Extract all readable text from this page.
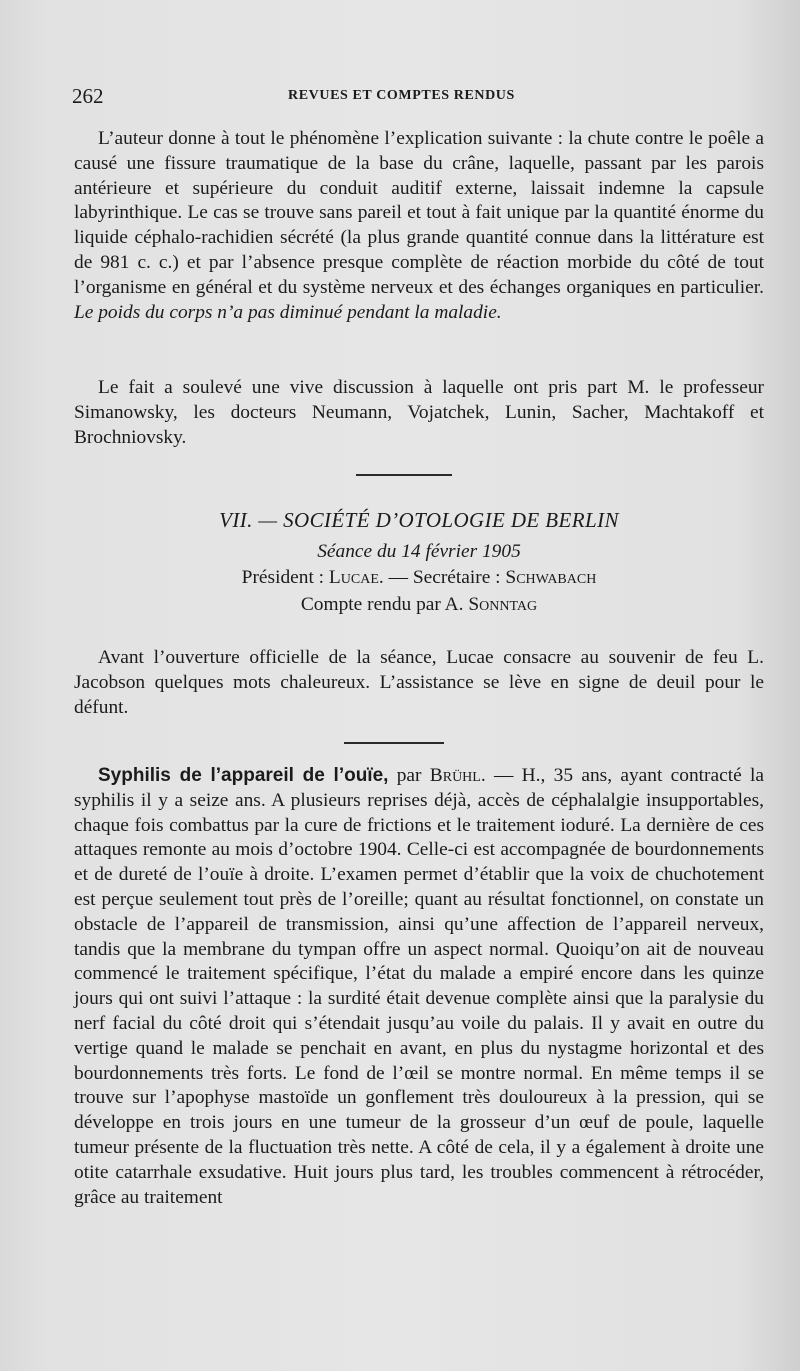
262	REVUES ET COMPTES RENDUS

L’auteur donne à tout le phénomène l’explication suivante : la chute contre le poêle a causé une fissure traumatique de la base du crâne, laquelle, passant par les parois antérieure et supérieure du conduit auditif externe, laissait indemne la capsule labyrinthique. Le cas se trouve sans pareil et tout à fait unique par la quantité énorme du liquide céphalo-rachidien sécrété (la plus grande quantité connue dans la littérature est de 981 c. c.) et par l’absence presque complète de réaction morbide du côté de tout l’organisme en général et du système nerveux et des échanges organiques en particulier. Le poids du corps n’a pas diminué pendant la maladie.

Le fait a soulevé une vive discussion à laquelle ont pris part M. le professeur Simanowsky, les docteurs Neumann, Vojatchek, Lunin, Sacher, Machtakoff et Brochniovsky.

VII. — SOCIÉTÉ D’OTOLOGIE DE BERLIN
Séance du 14 février 1905
Président : Lucae. — Secrétaire : Schwabach
Compte rendu par A. Sonntag

Avant l’ouverture officielle de la séance, Lucae consacre au souvenir de feu L. Jacobson quelques mots chaleureux. L’assistance se lève en signe de deuil pour le défunt.

Syphilis de l’appareil de l’ouïe, par Brühl. — H., 35 ans, ayant contracté la syphilis il y a seize ans. A plusieurs reprises déjà, accès de céphalalgie insupportables, chaque fois combattus par la cure de frictions et le traitement ioduré. La dernière de ces attaques remonte au mois d’octobre 1904. Celle-ci est accompagnée de bourdonnements et de dureté de l’ouïe à droite. L’examen permet d’établir que la voix de chuchotement est perçue seulement tout près de l’oreille; quant au résultat fonctionnel, on constate un obstacle de l’appareil de transmission, ainsi qu’une affection de l’appareil nerveux, tandis que la membrane du tympan offre un aspect normal. Quoiqu’on ait de nouveau commencé le traitement spécifique, l’état du malade a empiré encore dans les quinze jours qui ont suivi l’attaque : la surdité était devenue complète ainsi que la paralysie du nerf facial du côté droit qui s’étendait jusqu’au voile du palais. Il y avait en outre du vertige quand le malade se penchait en avant, en plus du nystagme horizontal et des bourdonnements très forts. Le fond de l’œil se montre normal. En même temps il se trouve sur l’apophyse mastoïde un gonflement très douloureux à la pression, qui se développe en trois jours en une tumeur de la grosseur d’un œuf de poule, laquelle tumeur présente de la fluctuation très nette. A côté de cela, il y a également à droite une otite catarrhale exsudative. Huit jours plus tard, les troubles commencent à rétrocéder, grâce au traitement
